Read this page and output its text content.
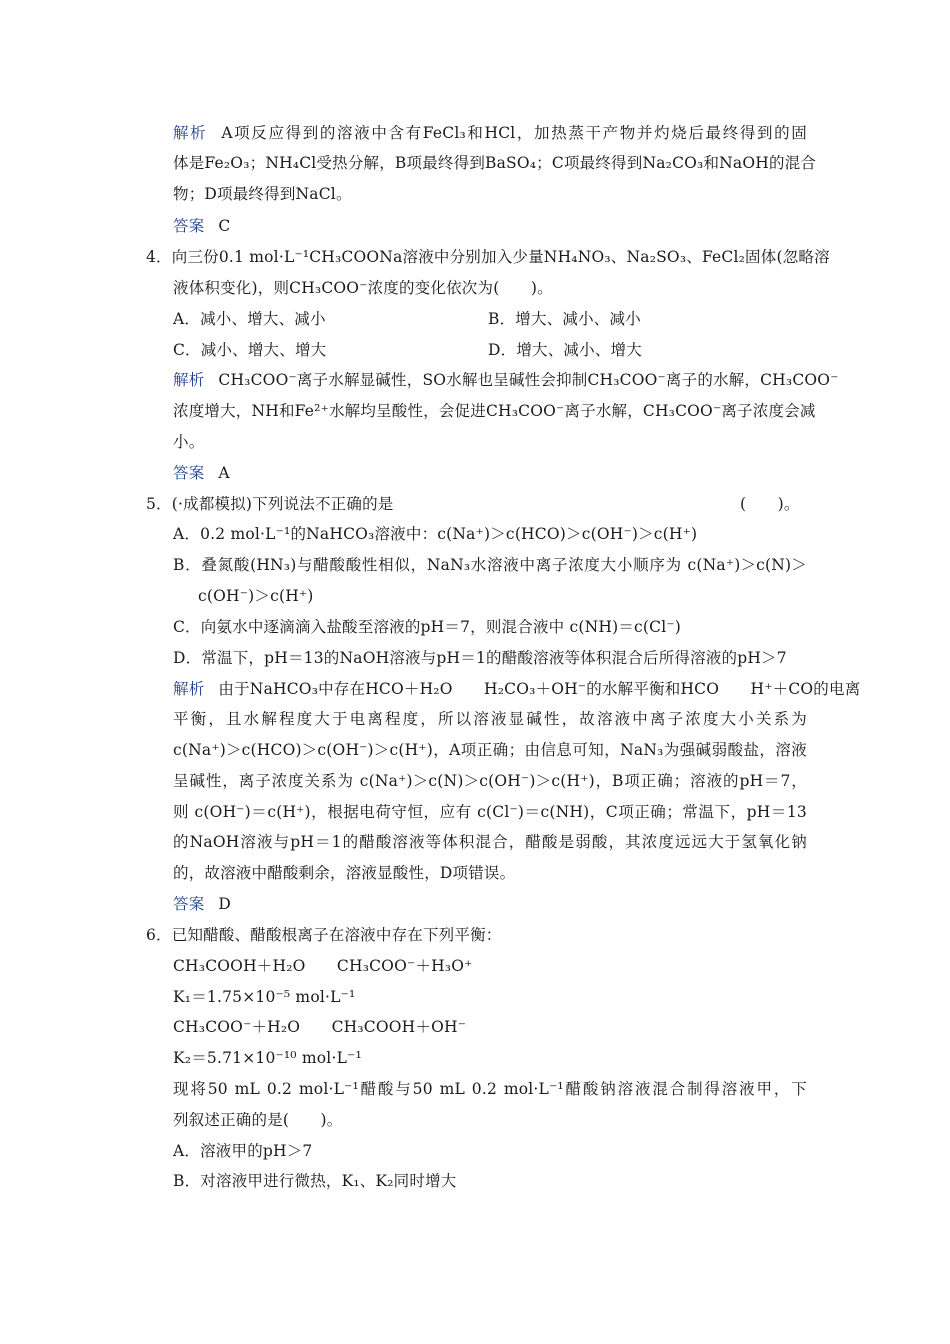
解析 A项反应得到的溶液中含有FeCl₃和HCl，加热蒸干产物并灼烧后最终得到的固
体是Fe₂O₃；NH₄Cl受热分解，B项最终得到BaSO₄；C项最终得到Na₂CO₃和NaOH的混合
物；D项最终得到NaCl。
答案 C
4．向三份0.1 mol·L⁻¹CH₃COONa溶液中分别加入少量NH₄NO₃、Na₂SO₃、FeCl₂固体(忽略溶
液体积变化)，则CH₃COO⁻浓度的变化依次为(　　)。
A．减小、增大、减小	B．增大、减小、减小
C．减小、增大、增大	D．增大、减小、增大
解析 CH₃COO⁻离子水解显碱性，SO水解也呈碱性会抑制CH₃COO⁻离子的水解，CH₃COO⁻
浓度增大，NH和Fe²⁺水解均呈酸性，会促进CH₃COO⁻离子水解，CH₃COO⁻离子浓度会减
小。
答案 A
5．(·成都模拟)下列说法不正确的是	(　　)。
A．0.2 mol·L⁻¹的NaHCO₃溶液中：c(Na⁺)＞c(HCO)＞c(OH⁻)＞c(H⁺)
B．叠氮酸(HN₃)与醋酸酸性相似，NaN₃水溶液中离子浓度大小顺序为 c(Na⁺)＞c(N)＞
c(OH⁻)＞c(H⁺)
C．向氨水中逐滴滴入盐酸至溶液的pH＝7，则混合液中 c(NH)＝c(Cl⁻)
D．常温下，pH＝13的NaOH溶液与pH＝1的醋酸溶液等体积混合后所得溶液的pH＞7
解析 由于NaHCO₃中存在HCO＋H₂O　　H₂CO₃＋OH⁻的水解平衡和HCO　　H⁺＋CO的电离
平衡，且水解程度大于电离程度，所以溶液显碱性，故溶液中离子浓度大小关系为
c(Na⁺)＞c(HCO)＞c(OH⁻)＞c(H⁺)，A项正确；由信息可知，NaN₃为强碱弱酸盐，溶液
呈碱性，离子浓度关系为 c(Na⁺)＞c(N)＞c(OH⁻)＞c(H⁺)，B项正确；溶液的pH＝7，
则 c(OH⁻)＝c(H⁺)，根据电荷守恒，应有 c(Cl⁻)＝c(NH)，C项正确；常温下，pH＝13
的NaOH溶液与pH＝1的醋酸溶液等体积混合，醋酸是弱酸，其浓度远远大于氢氧化钠
的，故溶液中醋酸剩余，溶液显酸性，D项错误。
答案 D
6．已知醋酸、醋酸根离子在溶液中存在下列平衡：
CH₃COOH＋H₂O　　CH₃COO⁻＋H₃O⁺
K₁＝1.75×10⁻⁵ mol·L⁻¹
CH₃COO⁻＋H₂O　　CH₃COOH＋OH⁻
K₂＝5.71×10⁻¹⁰ mol·L⁻¹
现将50 mL 0.2 mol·L⁻¹醋酸与50 mL 0.2 mol·L⁻¹醋酸钠溶液混合制得溶液甲，下
列叙述正确的是(　　)。
A．溶液甲的pH＞7
B．对溶液甲进行微热，K₁、K₂同时增大
